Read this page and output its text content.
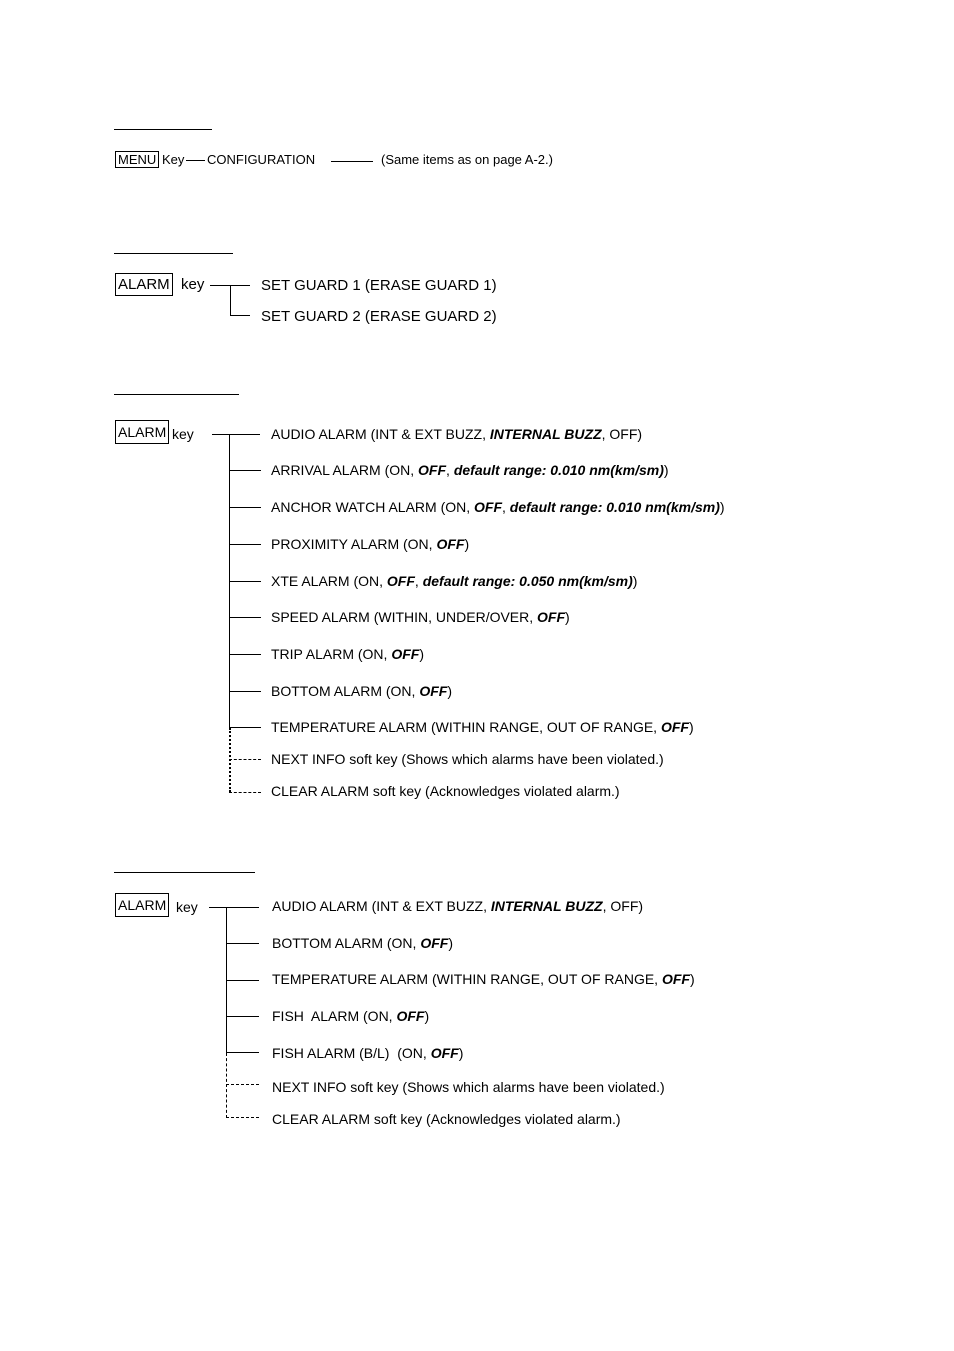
MENU Key CONFIGURATION	(Same items as on page A-2.)
ALARM key	SET GUARD 1 (ERASE GUARD 1)
SET GUARD 2 (ERASE GUARD 2)
ALARM key	AUDIO ALARM (INT & EXT BUZZ, INTERNAL BUZZ, OFF)
ARRIVAL ALARM (ON, OFF, default range: 0.010 nm(km/sm))
ANCHOR WATCH ALARM (ON, OFF, default range: 0.010 nm(km/sm))
PROXIMITY ALARM (ON, OFF)
XTE ALARM (ON, OFF, default range: 0.050 nm(km/sm))
SPEED ALARM (WITHIN, UNDER/OVER, OFF)
TRIP ALARM (ON, OFF)
BOTTOM ALARM (ON, OFF)
TEMPERATURE ALARM (WITHIN RANGE, OUT OF RANGE, OFF)
NEXT INFO soft key (Shows which alarms have been violated.)
CLEAR ALARM soft key (Acknowledges violated alarm.)
ALARM key	AUDIO ALARM (INT & EXT BUZZ, INTERNAL BUZZ, OFF)
BOTTOM ALARM (ON, OFF)
TEMPERATURE ALARM (WITHIN RANGE, OUT OF RANGE, OFF)
FISH  ALARM (ON, OFF)
FISH ALARM (B/L)  (ON, OFF)
NEXT INFO soft key (Shows which alarms have been violated.)
CLEAR ALARM soft key (Acknowledges violated alarm.)
